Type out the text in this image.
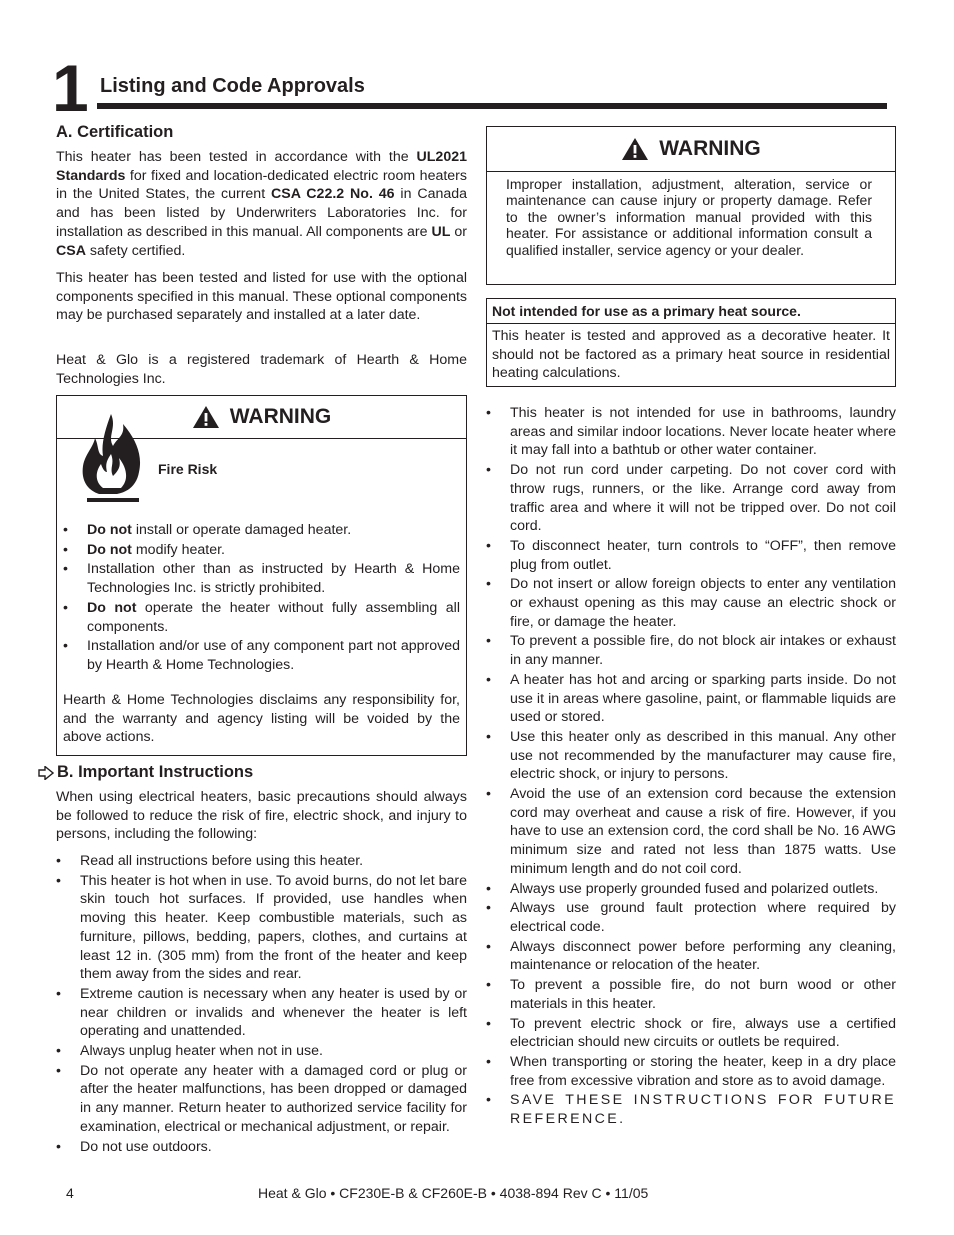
1 Listing and Code Approvals
A. Certification

This heater has been tested in accordance with the UL2021 Standards for fixed and location-dedicated electric room heaters in the United States, the current CSA C22.2 No. 46 in Canada and has been listed by Underwriters Laboratories Inc. for installation as described in this manual. All components are UL or CSA safety certified.

This heater has been tested and listed for use with the optional components specified in this manual. These optional components may be purchased separately and installed at a later date.

Heat & Glo is a registered trademark of Hearth & Home Technologies Inc.

WARNING
Fire Risk
• Do not install or operate damaged heater.
• Do not modify heater.
• Installation other than as instructed by Hearth & Home Technologies Inc. is strictly prohibited.
• Do not operate the heater without fully assembling all components.
• Installation and/or use of any component part not approved by Hearth & Home Technologies.

Hearth & Home Technologies disclaims any responsibility for, and the warranty and agency listing will be voided by the above actions.

B. Important Instructions

When using electrical heaters, basic precautions should always be followed to reduce the risk of fire, electric shock, and injury to persons, including the following:

• Read all instructions before using this heater.
• This heater is hot when in use. To avoid burns, do not let bare skin touch hot surfaces. If provided, use handles when moving this heater. Keep combustible materials, such as furniture, pillows, bedding, papers, clothes, and curtains at least 12 in. (305 mm) from the front of the heater and keep them away from the sides and rear.
• Extreme caution is necessary when any heater is used by or near children or invalids and whenever the heater is left operating and unattended.
• Always unplug heater when not in use.
• Do not operate any heater with a damaged cord or plug or after the heater malfunctions, has been dropped or damaged in any manner. Return heater to authorized service facility for examination, electrical or mechanical adjustment, or repair.
• Do not use outdoors.
WARNING

Improper installation, adjustment, alteration, service or maintenance can cause injury or property damage. Refer to the owner’s information manual provided with this heater. For assistance or additional information consult a qualified installer, service agency or your dealer.

Not intended for use as a primary heat source.

This heater is tested and approved as a decorative heater. It should not be factored as a primary heat source in residential heating calculations.

• This heater is not intended for use in bathrooms, laundry areas and similar indoor locations. Never locate heater where it may fall into a bathtub or other water container.
• Do not run cord under carpeting. Do not cover cord with throw rugs, runners, or the like. Arrange cord away from traffic area and where it will not be tripped over. Do not coil cord.
• To disconnect heater, turn controls to “OFF”, then remove plug from outlet.
• Do not insert or allow foreign objects to enter any ventilation or exhaust opening as this may cause an electric shock or fire, or damage the heater.
• To prevent a possible fire, do not block air intakes or exhaust in any manner.
• A heater has hot and arcing or sparking parts inside. Do not use it in areas where gasoline, paint, or flammable liquids are used or stored.
• Use this heater only as described in this manual. Any other use not recommended by the manufacturer may cause fire, electric shock, or injury to persons.
• Avoid the use of an extension cord because the extension cord may overheat and cause a risk of fire. However, if you have to use an extension cord, the cord shall be No. 16 AWG minimum size and rated not less than 1875 watts. Use minimum length and do not coil cord.
• Always use properly grounded fused and polarized outlets.
• Always use ground fault protection where required by electrical code.
• Always disconnect power before performing any cleaning, maintenance or relocation of the heater.
• To prevent a possible fire, do not burn wood or other materials in this heater.
• To prevent electric shock or fire, always use a certified electrician should new circuits or outlets be required.
• When transporting or storing the heater, keep in a dry place free from excessive vibration and store as to avoid damage.
• SAVE THESE INSTRUCTIONS FOR FUTURE REFERENCE.
4	Heat & Glo • CF230E-B & CF260E-B • 4038-894 Rev C • 11/05
